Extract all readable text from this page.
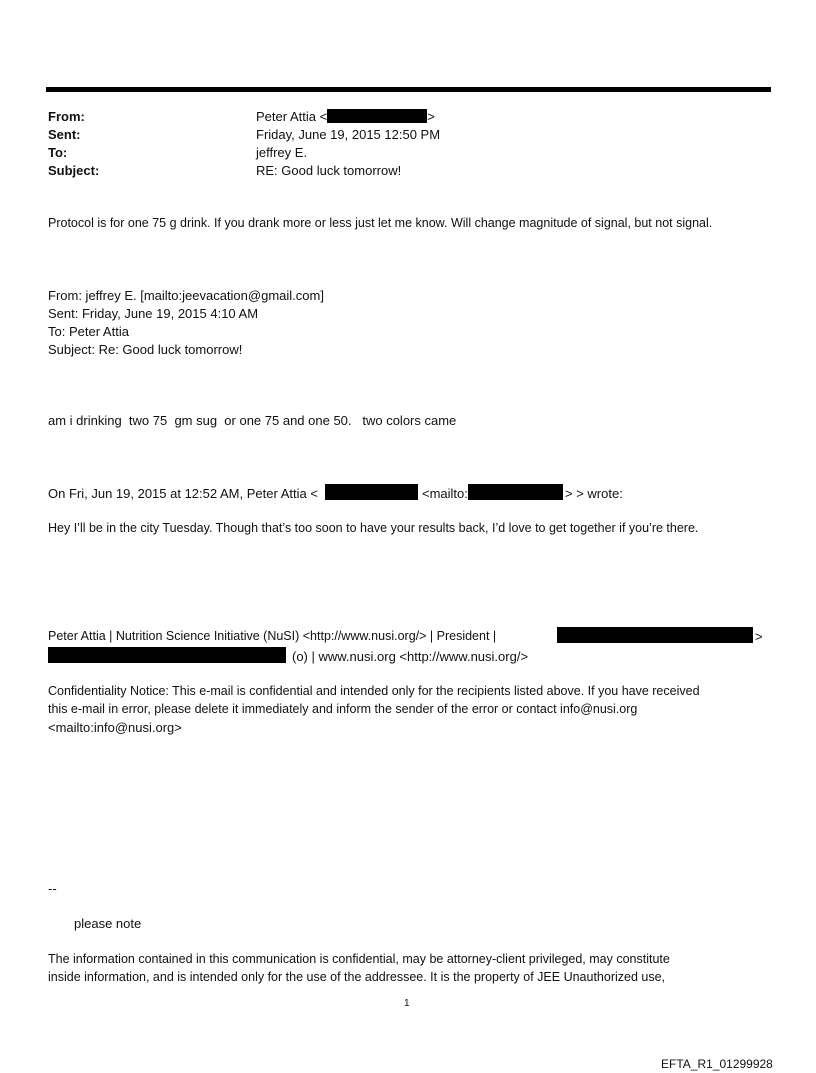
From:	Peter Attia <	>
Sent:	Friday, June 19, 2015 12:50 PM
To:	jeffrey E.
Subject:	RE: Good luck tomorrow!
Protocol is for one 75 g drink. If you drank more or less just let me know. Will change magnitude of signal, but not signal.
From: jeffrey E. [mailto:jeevacation@gmail.com]
Sent: Friday, June 19, 2015 4:10 AM
To: Peter Attia
Subject: Re: Good luck tomorrow!
am i drinking  two 75  gm sug  or one 75 and one 50.   two colors came
On Fri, Jun 19, 2015 at 12:52 AM, Peter Attia <	<mailto:	> > wrote:
Hey I’ll be in the city Tuesday. Though that’s too soon to have your results back, I’d love to get together if you’re there.
Peter Attia | Nutrition Science Initiative (NuSI) <http://www.nusi.org/> | President |	>
(o) | www.nusi.org <http://www.nusi.org/>
Confidentiality Notice: This e-mail is confidential and intended only for the recipients listed above. If you have received
this e-mail in error, please delete it immediately and inform the sender of the error or contact info@nusi.org
<mailto:info@nusi.org>
--
please note
The information contained in this communication is confidential, may be attorney-client privileged, may constitute
inside information, and is intended only for the use of the addressee. It is the property of JEE Unauthorized use,
1
EFTA_R1_01299928
